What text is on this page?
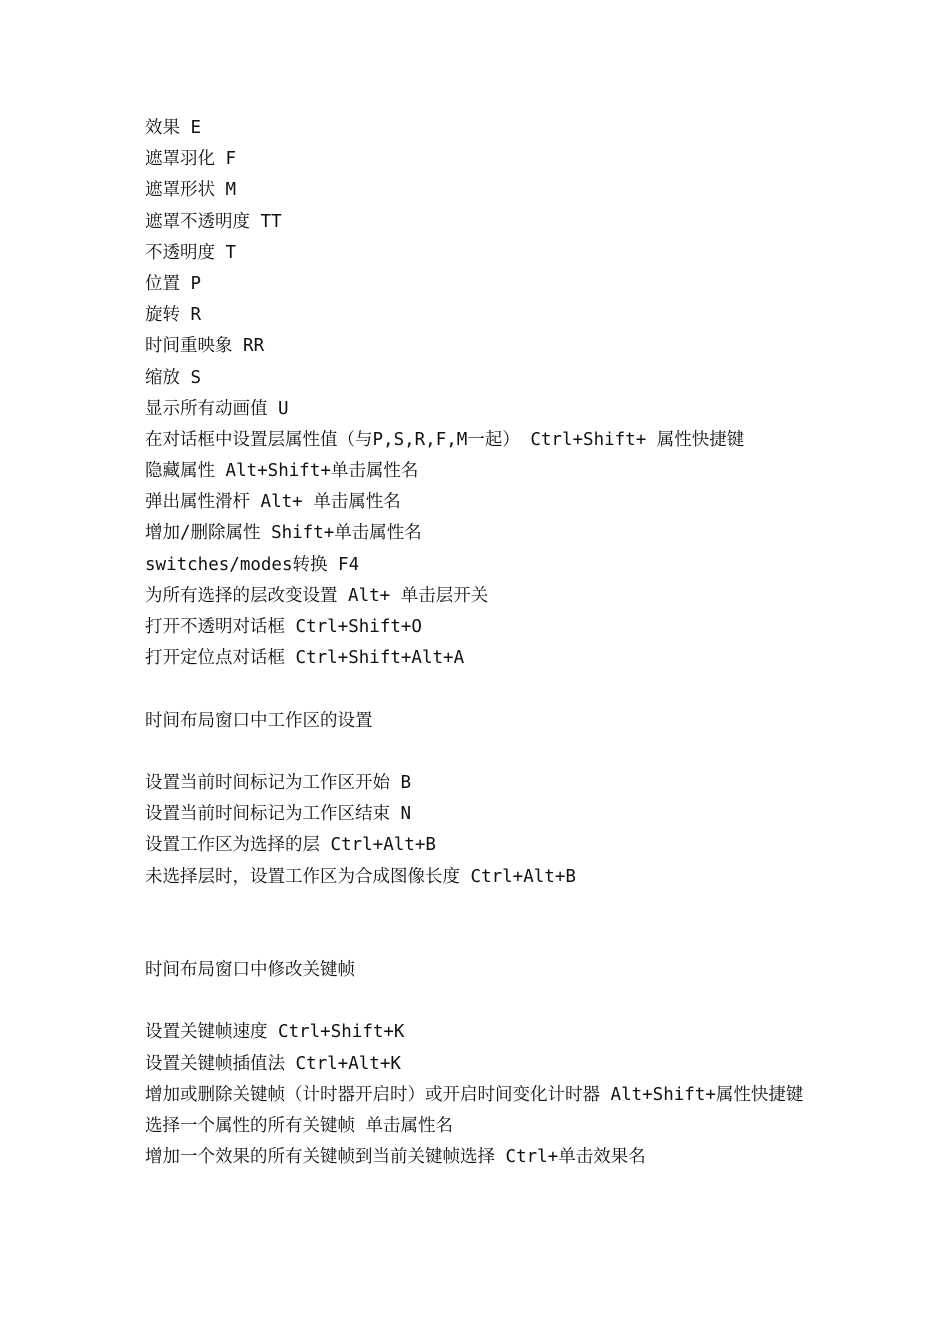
效果 E
遮罩羽化 F
遮罩形状 M
遮罩不透明度 TT
不透明度 T
位置 P
旋转 R
时间重映象 RR
缩放 S
显示所有动画值 U
在对话框中设置层属性值（与P,S,R,F,M一起） Ctrl+Shift+ 属性快捷键
隐藏属性 Alt+Shift+单击属性名
弹出属性滑杆 Alt+ 单击属性名
增加/删除属性 Shift+单击属性名
switches/modes转换 F4
为所有选择的层改变设置 Alt+ 单击层开关
打开不透明对话框 Ctrl+Shift+O
打开定位点对话框 Ctrl+Shift+Alt+A
时间布局窗口中工作区的设置
设置当前时间标记为工作区开始 B
设置当前时间标记为工作区结束 N
设置工作区为选择的层 Ctrl+Alt+B
未选择层时，设置工作区为合成图像长度 Ctrl+Alt+B
时间布局窗口中修改关键帧
设置关键帧速度 Ctrl+Shift+K
设置关键帧插值法 Ctrl+Alt+K
增加或删除关键帧（计时器开启时）或开启时间变化计时器 Alt+Shift+属性快捷键
选择一个属性的所有关键帧 单击属性名
增加一个效果的所有关键帧到当前关键帧选择 Ctrl+单击效果名
